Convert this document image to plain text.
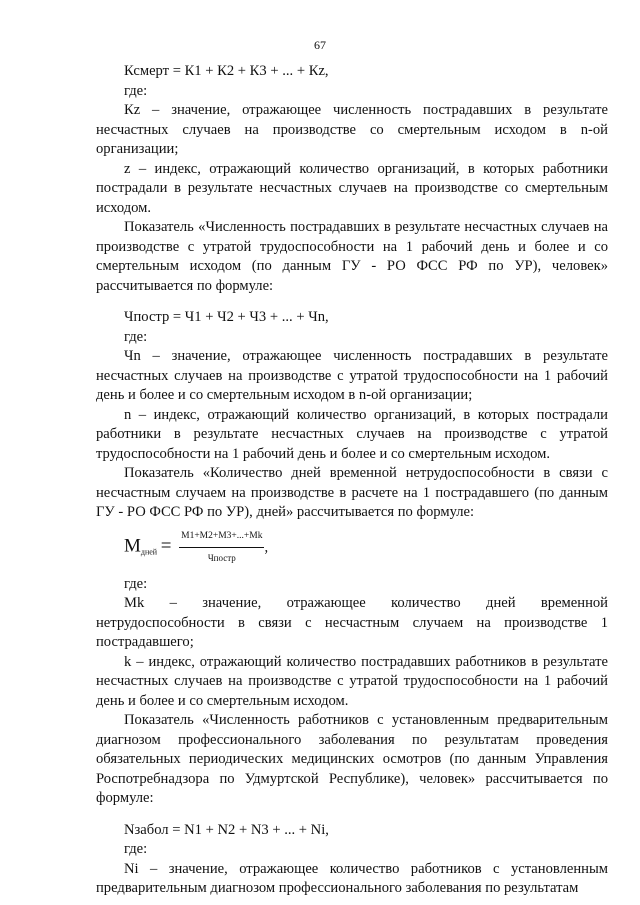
67
Ксмерт = К1 + К2 + К3 + ... + Кz,
где:

Кz – значение, отражающее численность пострадавших в результате несчастных случаев на производстве со смертельным исходом в n-ой организации;

z – индекс, отражающий количество организаций, в которых работники пострадали в результате несчастных случаев на производстве со смертельным исходом.

Показатель «Численность пострадавших в результате несчастных случаев на производстве с утратой трудоспособности на 1 рабочий день и более и со смертельным исходом (по данным ГУ - РО ФСС РФ по УР), человек» рассчитывается по формуле:

Чпостр = Ч1 + Ч2 + Ч3 + ... + Чn,
где:

Чn – значение, отражающее численность пострадавших в результате несчастных случаев на производстве с утратой трудоспособности на 1 рабочий день и более и со смертельным исходом в n-ой организации;

n – индекс, отражающий количество организаций, в которых пострадали работники в результате несчастных случаев на производстве с утратой трудоспособности на 1 рабочий день и более и со смертельным исходом.

Показатель «Количество дней временной нетрудоспособности в связи с несчастным случаем на производстве в расчете на 1 пострадавшего (по данным ГУ - РО ФСС РФ по УР), дней» рассчитывается по формуле:

$М_{дней} = \frac{M1+M2+M3+...+Mk}{\text{Чпостр}}$ ,
где:

Мk – значение, отражающее количество дней временной нетрудоспособности в связи с несчастным случаем на производстве 1 пострадавшего;

k – индекс, отражающий количество пострадавших работников в результате несчастных случаев на производстве с утратой трудоспособности на 1 рабочий день и более и со смертельным исходом.

Показатель «Численность работников с установленным предварительным диагнозом профессионального заболевания по результатам проведения обязательных периодических медицинских осмотров (по данным Управления Роспотребнадзора по Удмуртской Республике), человек» рассчитывается по формуле:

Nзабол = N1 + N2 + N3 + ... + Ni,
где:

Ni – значение, отражающее количество работников с установленным предварительным диагнозом профессионального заболевания по результатам
